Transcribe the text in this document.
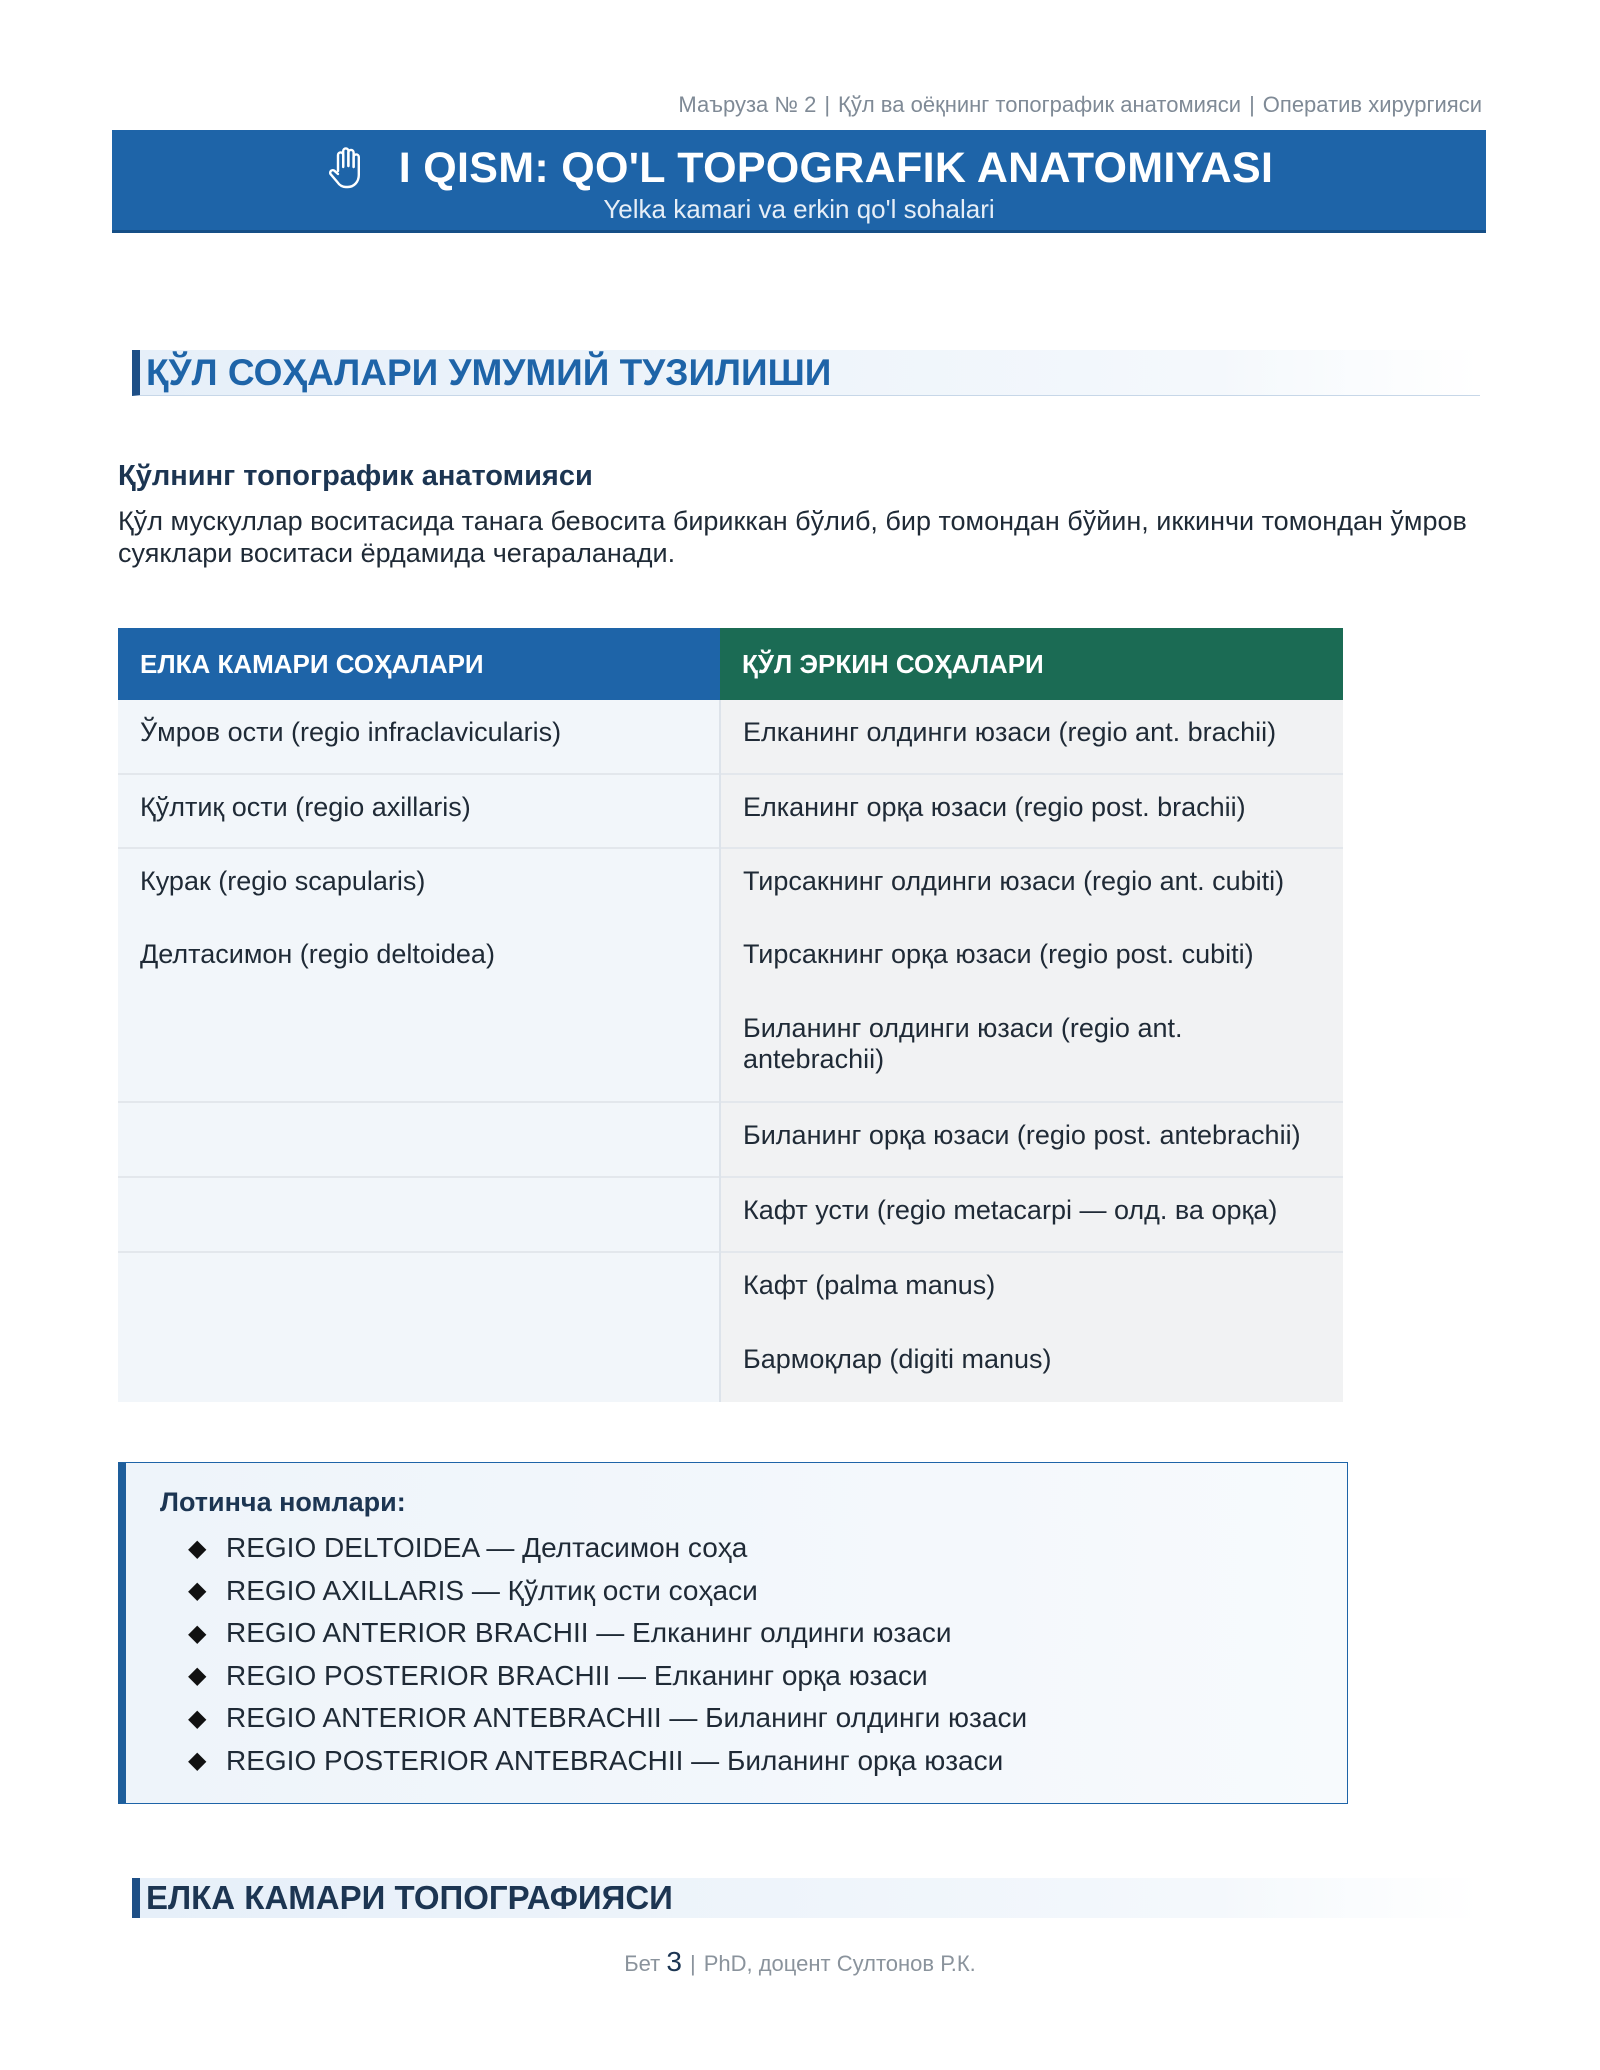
Маъруза № 2 | Қўл ва оёқнинг топографик анатомияси | Оператив хирургияси
I QISM: QO'L TOPOGRAFIK ANATOMIYASI
Yelka kamari va erkin qo'l sohalari
ҚЎЛ СОҲАЛАРИ УМУМИЙ ТУЗИЛИШИ
Қўлнинг топографик анатомияси
Қўл мускуллар воситасида танага бевосита бириккан бўлиб, бир томондан бўйин, иккинчи томондан ўмров суяклари воситаси ёрдамида чегараланади.
ЕЛКА КАМАРИ СОҲАЛАРИ	ҚЎЛ ЭРКИН СОҲАЛАРИ
Ўмров ости (regio infraclavicularis)	Елканинг олдинги юзаси (regio ant. brachii)
Қўлтиқ ости (regio axillaris)	Елканинг орқа юзаси (regio post. brachii)
Курак (regio scapularis)	Тирсакнинг олдинги юзаси (regio ant. cubiti)
Делтасимон (regio deltoidea)	Тирсакнинг орқа юзаси (regio post. cubiti)
	Биланинг олдинги юзаси (regio ant. antebrachii)
	Биланинг орқа юзаси (regio post. antebrachii)
	Кафт усти (regio metacarpi — олд. ва орқа)
	Кафт (palma manus)
	Бармоқлар (digiti manus)
Лотинча номлари:
◆ REGIO DELTOIDEA — Делтасимон соҳа
◆ REGIO AXILLARIS — Қўлтиқ ости соҳаси
◆ REGIO ANTERIOR BRACHII — Елканинг олдинги юзаси
◆ REGIO POSTERIOR BRACHII — Елканинг орқа юзаси
◆ REGIO ANTERIOR ANTEBRACHII — Биланинг олдинги юзаси
◆ REGIO POSTERIOR ANTEBRACHII — Биланинг орқа юзаси
ЕЛКА КАМАРИ ТОПОГРАФИЯСИ
Бет 3 | PhD, доцент Султонов Р.К.
